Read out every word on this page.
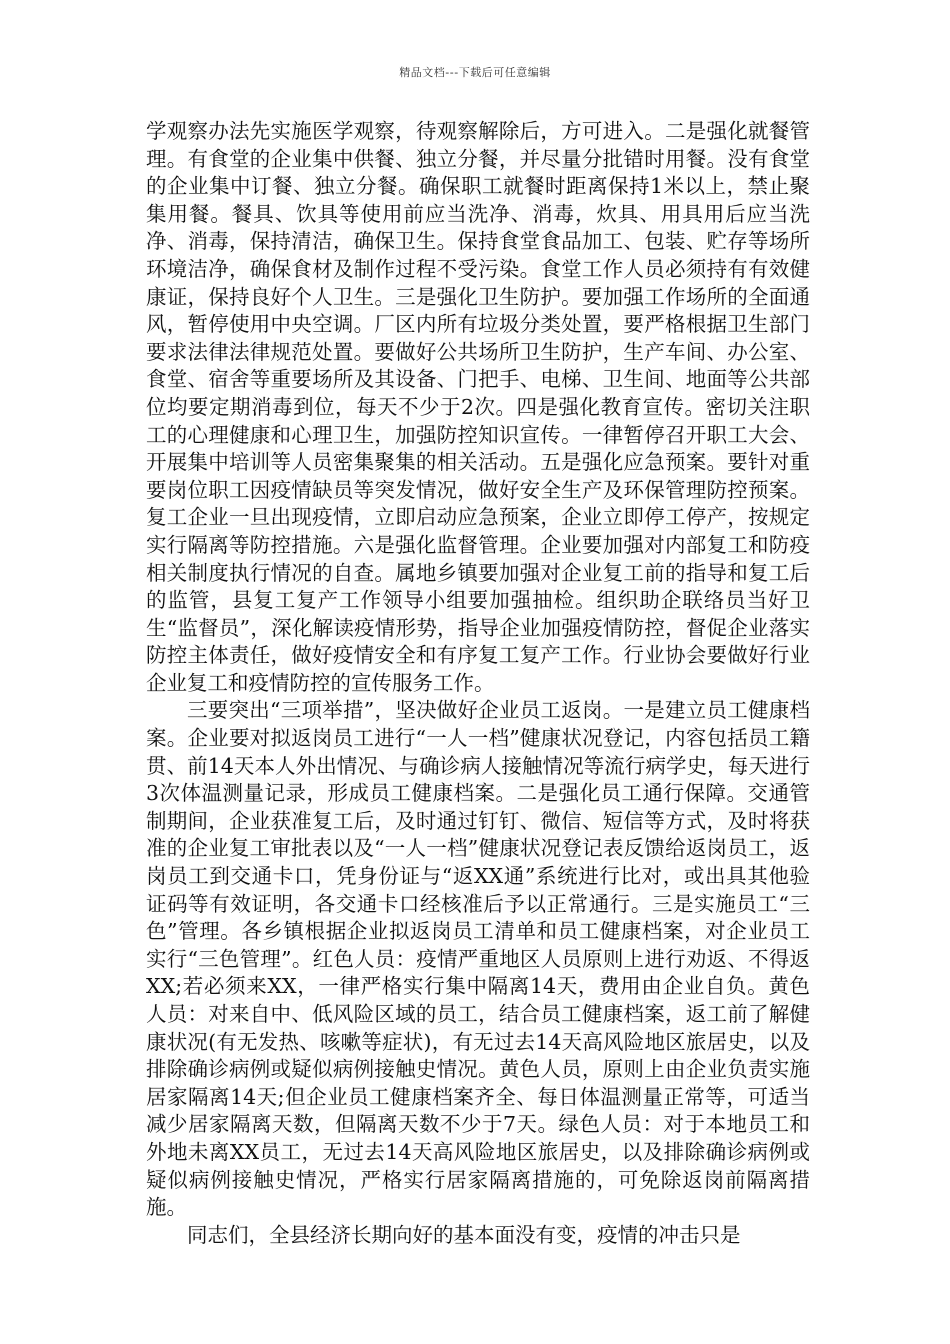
精品文档---下载后可任意编辑

学观察办法先实施医学观察，待观察解除后，方可进入。二是强化就餐管理。有食堂的企业集中供餐、独立分餐，并尽量分批错时用餐。没有食堂的企业集中订餐、独立分餐。确保职工就餐时距离保持1米以上，禁止聚集用餐。餐具、饮具等使用前应当洗净、消毒，炊具、用具用后应当洗净、消毒，保持清洁，确保卫生。保持食堂食品加工、包装、贮存等场所环境洁净，确保食材及制作过程不受污染。食堂工作人员必须持有有效健康证，保持良好个人卫生。三是强化卫生防护。要加强工作场所的全面通风，暂停使用中央空调。厂区内所有垃圾分类处置，要严格根据卫生部门要求法律法律规范处置。要做好公共场所卫生防护，生产车间、办公室、食堂、宿舍等重要场所及其设备、门把手、电梯、卫生间、地面等公共部位均要定期消毒到位，每天不少于2次。四是强化教育宣传。密切关注职工的心理健康和心理卫生，加强防控知识宣传。一律暂停召开职工大会、开展集中培训等人员密集聚集的相关活动。五是强化应急预案。要针对重要岗位职工因疫情缺员等突发情况，做好安全生产及环保管理防控预案。复工企业一旦出现疫情，立即启动应急预案，企业立即停工停产，按规定实行隔离等防控措施。六是强化监督管理。企业要加强对内部复工和防疫相关制度执行情况的自查。属地乡镇要加强对企业复工前的指导和复工后的监管，县复工复产工作领导小组要加强抽检。组织助企联络员当好卫生“监督员”，深化解读疫情形势，指导企业加强疫情防控，督促企业落实防控主体责任，做好疫情安全和有序复工复产工作。行业协会要做好行业企业复工和疫情防控的宣传服务工作。

三要突出“三项举措”，坚决做好企业员工返岗。一是建立员工健康档案。企业要对拟返岗员工进行“一人一档”健康状况登记，内容包括员工籍贯、前14天本人外出情况、与确诊病人接触情况等流行病学史，每天进行3次体温测量记录，形成员工健康档案。二是强化员工通行保障。交通管制期间，企业获准复工后，及时通过钉钉、微信、短信等方式，及时将获准的企业复工审批表以及“一人一档”健康状况登记表反馈给返岗员工，返岗员工到交通卡口，凭身份证与“返XX通”系统进行比对，或出具其他验证码等有效证明，各交通卡口经核准后予以正常通行。三是实施员工“三色”管理。各乡镇根据企业拟返岗员工清单和员工健康档案，对企业员工实行“三色管理”。红色人员：疫情严重地区人员原则上进行劝返、不得返XX;若必须来XX，一律严格实行集中隔离14天，费用由企业自负。黄色人员：对来自中、低风险区域的员工，结合员工健康档案，返工前了解健康状况(有无发热、咳嗽等症状)，有无过去14天高风险地区旅居史，以及排除确诊病例或疑似病例接触史情况。黄色人员，原则上由企业负责实施居家隔离14天;但企业员工健康档案齐全、每日体温测量正常等，可适当减少居家隔离天数，但隔离天数不少于7天。绿色人员：对于本地员工和外地未离XX员工，无过去14天高风险地区旅居史，以及排除确诊病例或疑似病例接触史情况，严格实行居家隔离措施的，可免除返岗前隔离措施。

同志们，全县经济长期向好的基本面没有变，疫情的冲击只是
